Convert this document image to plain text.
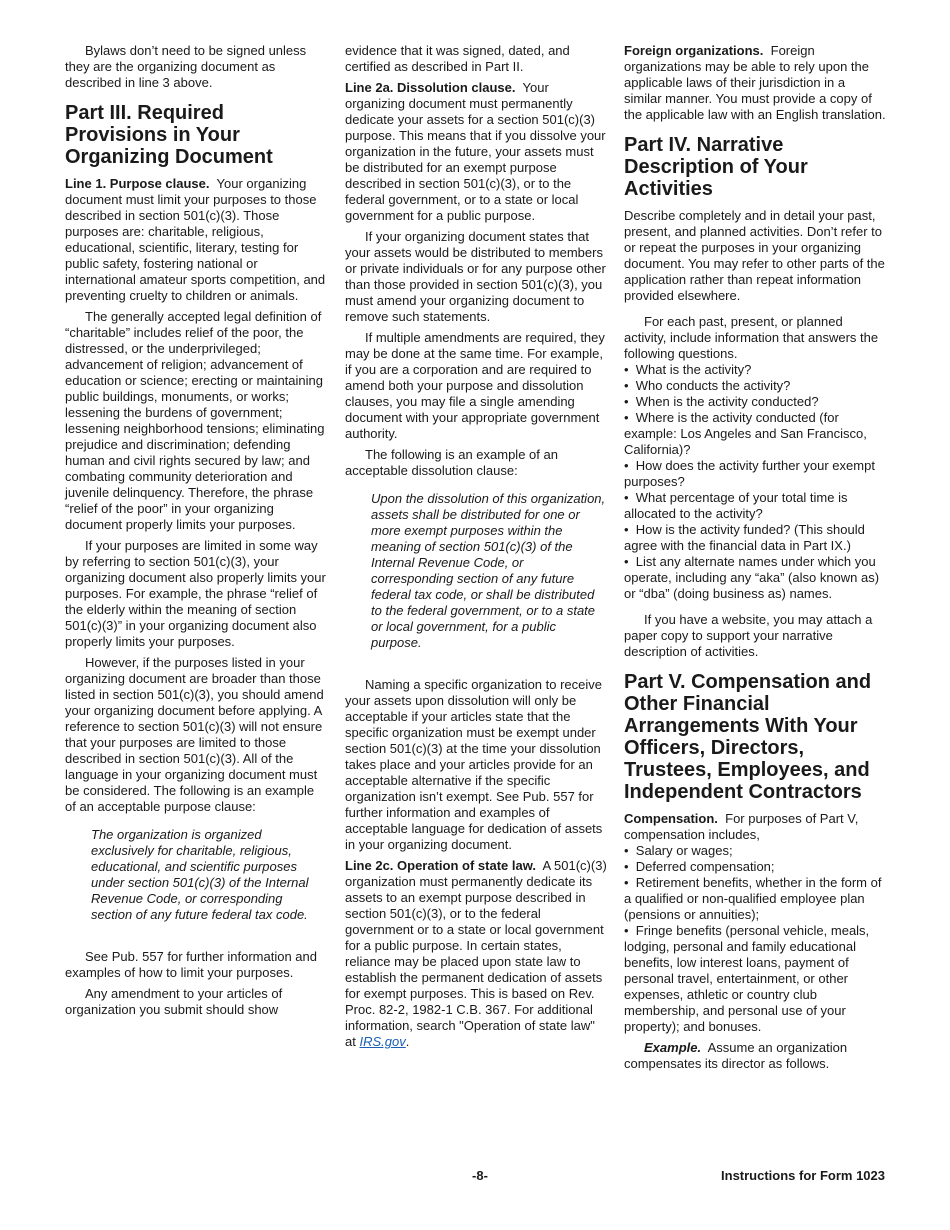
Bylaws don’t need to be signed unless they are the organizing document as described in line 3 above.

Part III. Required Provisions in Your Organizing Document

Line 1. Purpose clause. Your organizing document must limit your purposes to those described in section 501(c)(3). Those purposes are: charitable, religious, educational, scientific, literary, testing for public safety, fostering national or international amateur sports competition, and preventing cruelty to children or animals.

The generally accepted legal definition of “charitable” includes relief of the poor, the distressed, or the underprivileged; advancement of religion; advancement of education or science; erecting or maintaining public buildings, monuments, or works; lessening the burdens of government; lessening neighborhood tensions; eliminating prejudice and discrimination; defending human and civil rights secured by law; and combating community deterioration and juvenile delinquency. Therefore, the phrase “relief of the poor” in your organizing document properly limits your purposes.

If your purposes are limited in some way by referring to section 501(c)(3), your organizing document also properly limits your purposes. For example, the phrase “relief of the elderly within the meaning of section 501(c)(3)” in your organizing document also properly limits your purposes.

However, if the purposes listed in your organizing document are broader than those listed in section 501(c)(3), you should amend your organizing document before applying. A reference to section 501(c)(3) will not ensure that your purposes are limited to those described in section 501(c)(3). All of the language in your organizing document must be considered. The following is an example of an acceptable purpose clause:

The organization is organized exclusively for charitable, religious, educational, and scientific purposes under section 501(c)(3) of the Internal Revenue Code, or corresponding section of any future federal tax code.

See Pub. 557 for further information and examples of how to limit your purposes.

Any amendment to your articles of organization you submit should show

evidence that it was signed, dated, and certified as described in Part II.

Line 2a. Dissolution clause. Your organizing document must permanently dedicate your assets for a section 501(c)(3) purpose. This means that if you dissolve your organization in the future, your assets must be distributed for an exempt purpose described in section 501(c)(3), or to the federal government, or to a state or local government for a public purpose.

If your organizing document states that your assets would be distributed to members or private individuals or for any purpose other than those provided in section 501(c)(3), you must amend your organizing document to remove such statements.

If multiple amendments are required, they may be done at the same time. For example, if you are a corporation and are required to amend both your purpose and dissolution clauses, you may file a single amending document with your appropriate government authority.

The following is an example of an acceptable dissolution clause:

Upon the dissolution of this organization, assets shall be distributed for one or more exempt purposes within the meaning of section 501(c)(3) of the Internal Revenue Code, or corresponding section of any future federal tax code, or shall be distributed to the federal government, or to a state or local government, for a public purpose.

Naming a specific organization to receive your assets upon dissolution will only be acceptable if your articles state that the specific organization must be exempt under section 501(c)(3) at the time your dissolution takes place and your articles provide for an acceptable alternative if the specific organization isn’t exempt. See Pub. 557 for further information and examples of acceptable language for dedication of assets in your organizing document.

Line 2c. Operation of state law. A 501(c)(3) organization must permanently dedicate its assets to an exempt purpose described in section 501(c)(3), or to the federal government or to a state or local government for a public purpose. In certain states, reliance may be placed upon state law to establish the permanent dedication of assets for exempt purposes. This is based on Rev. Proc. 82-2, 1982-1 C.B. 367. For additional information, search "Operation of state law" at IRS.gov.

Foreign organizations. Foreign organizations may be able to rely upon the applicable laws of their jurisdiction in a similar manner. You must provide a copy of the applicable law with an English translation.

Part IV. Narrative Description of Your Activities

Describe completely and in detail your past, present, and planned activities. Don’t refer to or repeat the purposes in your organizing document. You may refer to other parts of the application rather than repeat information provided elsewhere.

For each past, present, or planned activity, include information that answers the following questions.

•  What is the activity?

•  Who conducts the activity?

•  When is the activity conducted?

•  Where is the activity conducted (for example: Los Angeles and San Francisco, California)?

•  How does the activity further your exempt purposes?

•  What percentage of your total time is allocated to the activity?

•  How is the activity funded? (This should agree with the financial data in Part IX.)

•  List any alternate names under which you operate, including any “aka” (also known as) or “dba” (doing business as) names.

If you have a website, you may attach a paper copy to support your narrative description of activities.

Part V. Compensation and Other Financial Arrangements With Your Officers, Directors, Trustees, Employees, and Independent Contractors

Compensation. For purposes of Part V, compensation includes,

•  Salary or wages;

•  Deferred compensation;

•  Retirement benefits, whether in the form of a qualified or non-qualified employee plan (pensions or annuities);

•  Fringe benefits (personal vehicle, meals, lodging, personal and family educational benefits, low interest loans, payment of personal travel, entertainment, or other expenses, athletic or country club membership, and personal use of your property); and bonuses.

Example. Assume an organization compensates its director as follows.

-8-	Instructions for Form 1023
